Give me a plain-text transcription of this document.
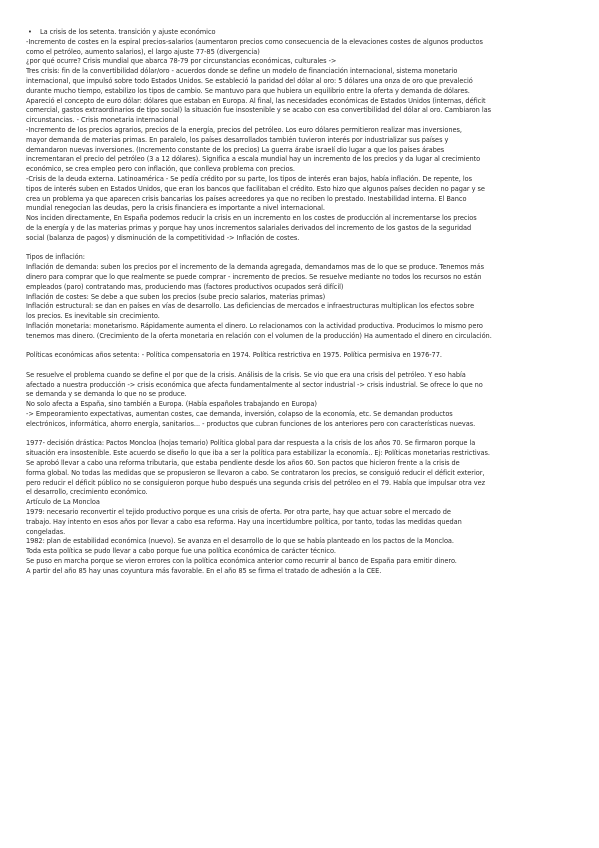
• La crisis de los setenta. transición y ajuste económico
-Incremento de costes en la espiral precios-salarios (aumentaron precios como consecuencia de la elevaciones costes de algunos productos
como el petróleo, aumento salarios), el largo ajuste 77-85 (divergencia)
¿por qué ocurre? Crisis mundial que abarca 78-79 por circunstancias económicas, culturales ->
Tres crisis: fin de la convertibilidad dólar/oro - acuerdos donde se define un modelo de financiación internacional, sistema monetario
internacional, que impulsó sobre todo Estados Unidos. Se estableció la paridad del dólar al oro: 5 dólares una onza de oro que prevaleció
durante mucho tiempo, estabilizo los tipos de cambio. Se mantuvo para que hubiera un equilibrio entre la oferta y demanda de dólares.
Apareció el concepto de euro dólar: dólares que estaban en Europa. Al final, las necesidades económicas de Estados Unidos (internas, déficit
comercial, gastos extraordinarios de tipo social) la situación fue insostenible y se acabo con esa convertibilidad del dólar al oro. Cambiaron las
circunstancias. - Crisis monetaria internacional
-Incremento de los precios agrarios, precios de la energía, precios del petróleo. Los euro dólares permitieron realizar mas inversiones,
mayor demanda de materias primas. En paralelo, los países desarrollados también tuvieron interés por industrializar sus países y
demandaron nuevas inversiones. (Incremento constante de los precios) La guerra árabe israelí dio lugar a que los países árabes
incrementaran el precio del petróleo (3 a 12 dólares). Significa a escala mundial hay un incremento de los precios y da lugar al crecimiento
económico, se crea empleo pero con inflación, que conlleva problema con precios.
-Crisis de la deuda externa. Latinoamérica - Se pedía crédito por su parte, los tipos de interés eran bajos, había inflación. De repente, los
tipos de interés suben en Estados Unidos, que eran los bancos que facilitaban el crédito. Esto hizo que algunos países deciden no pagar y se
crea un problema ya que aparecen crisis bancarias los países acreedores ya que no reciben lo prestado. Inestabilidad interna. El Banco
mundial renegocian las deudas, pero la crisis financiera es importante a nivel internacional.
Nos inciden directamente, En España podemos reducir la crisis en un incremento en los costes de producción al incrementarse los precios
de la energía y de las materias primas y porque hay unos incrementos salariales derivados del incremento de los gastos de la seguridad
social (balanza de pagos) y disminución de la competitividad -> Inflación de costes.
Tipos de inflación:
Inflación de demanda: suben los precios por el incremento de la demanda agregada, demandamos mas de lo que se produce. Tenemos más
dinero para comprar que lo que realmente se puede comprar - incremento de precios. Se resuelve mediante no todos los recursos no están
empleados (paro) contratando mas, produciendo mas (factores productivos ocupados será difícil)
Inflación de costes: Se debe a que suben los precios (sube precio salarios, materias primas)
Inflación estructural: se dan en países en vías de desarrollo. Las deficiencias de mercados e infraestructuras multiplican los efectos sobre
los precios. Es inevitable sin crecimiento.
Inflación monetaria: monetarismo. Rápidamente aumenta el dinero. Lo relacionamos con la actividad productiva. Producimos lo mismo pero
tenemos mas dinero. (Crecimiento de la oferta monetaria en relación con el volumen de la producción) Ha aumentado el dinero en circulación.
Políticas económicas años setenta: - Política compensatoria en 1974. Política restrictiva en 1975. Política permisiva en 1976-77.
Se resuelve el problema cuando se define el por que de la crisis. Análisis de la crisis. Se vio que era una crisis del petróleo. Y eso había
afectado a nuestra producción -> crisis económica que afecta fundamentalmente al sector industrial -> crisis industrial. Se ofrece lo que no
se demanda y se demanda lo que no se produce.
No solo afecta a España, sino también a Europa. (Había españoles trabajando en Europa)
-> Empeoramiento expectativas, aumentan costes, cae demanda, inversión, colapso de la economía, etc. Se demandan productos
electrónicos, informática, ahorro energía, sanitarios... - productos que cubran funciones de los anteriores pero con características nuevas.
1977- decisión drástica: Pactos Moncloa (hojas temario) Política global para dar respuesta a la crisis de los años 70. Se firmaron porque la
situación era insostenible. Este acuerdo se diseño lo que iba a ser la política para estabilizar la economía.. Ej: Políticas monetarias restrictivas.
Se aprobó llevar a cabo una reforma tributaria, que estaba pendiente desde los años 60. Son pactos que hicieron frente a la crisis de
forma global. No todas las medidas que se propusieron se llevaron a cabo. Se contrataron los precios, se consiguió reducir el déficit exterior,
pero reducir el déficit público no se consiguieron porque hubo después una segunda crisis del petróleo en el 79. Había que impulsar otra vez
el desarrollo, crecimiento económico.
Artículo de La Moncloa
1979: necesario reconvertir el tejido productivo porque es una crisis de oferta. Por otra parte, hay que actuar sobre el mercado de
trabajo. Hay intento en esos años por llevar a cabo esa reforma. Hay una incertidumbre política, por tanto, todas las medidas quedan
congeladas.
1982: plan de estabilidad económica (nuevo). Se avanza en el desarrollo de lo que se había planteado en los pactos de la Moncloa.
Toda esta política se pudo llevar a cabo porque fue una política económica de carácter técnico.
Se puso en marcha porque se vieron errores con la política económica anterior como recurrir al banco de España para emitir dinero.
A partir del año 85 hay unas coyuntura más favorable. En el año 85 se firma el tratado de adhesión a la CEE.
